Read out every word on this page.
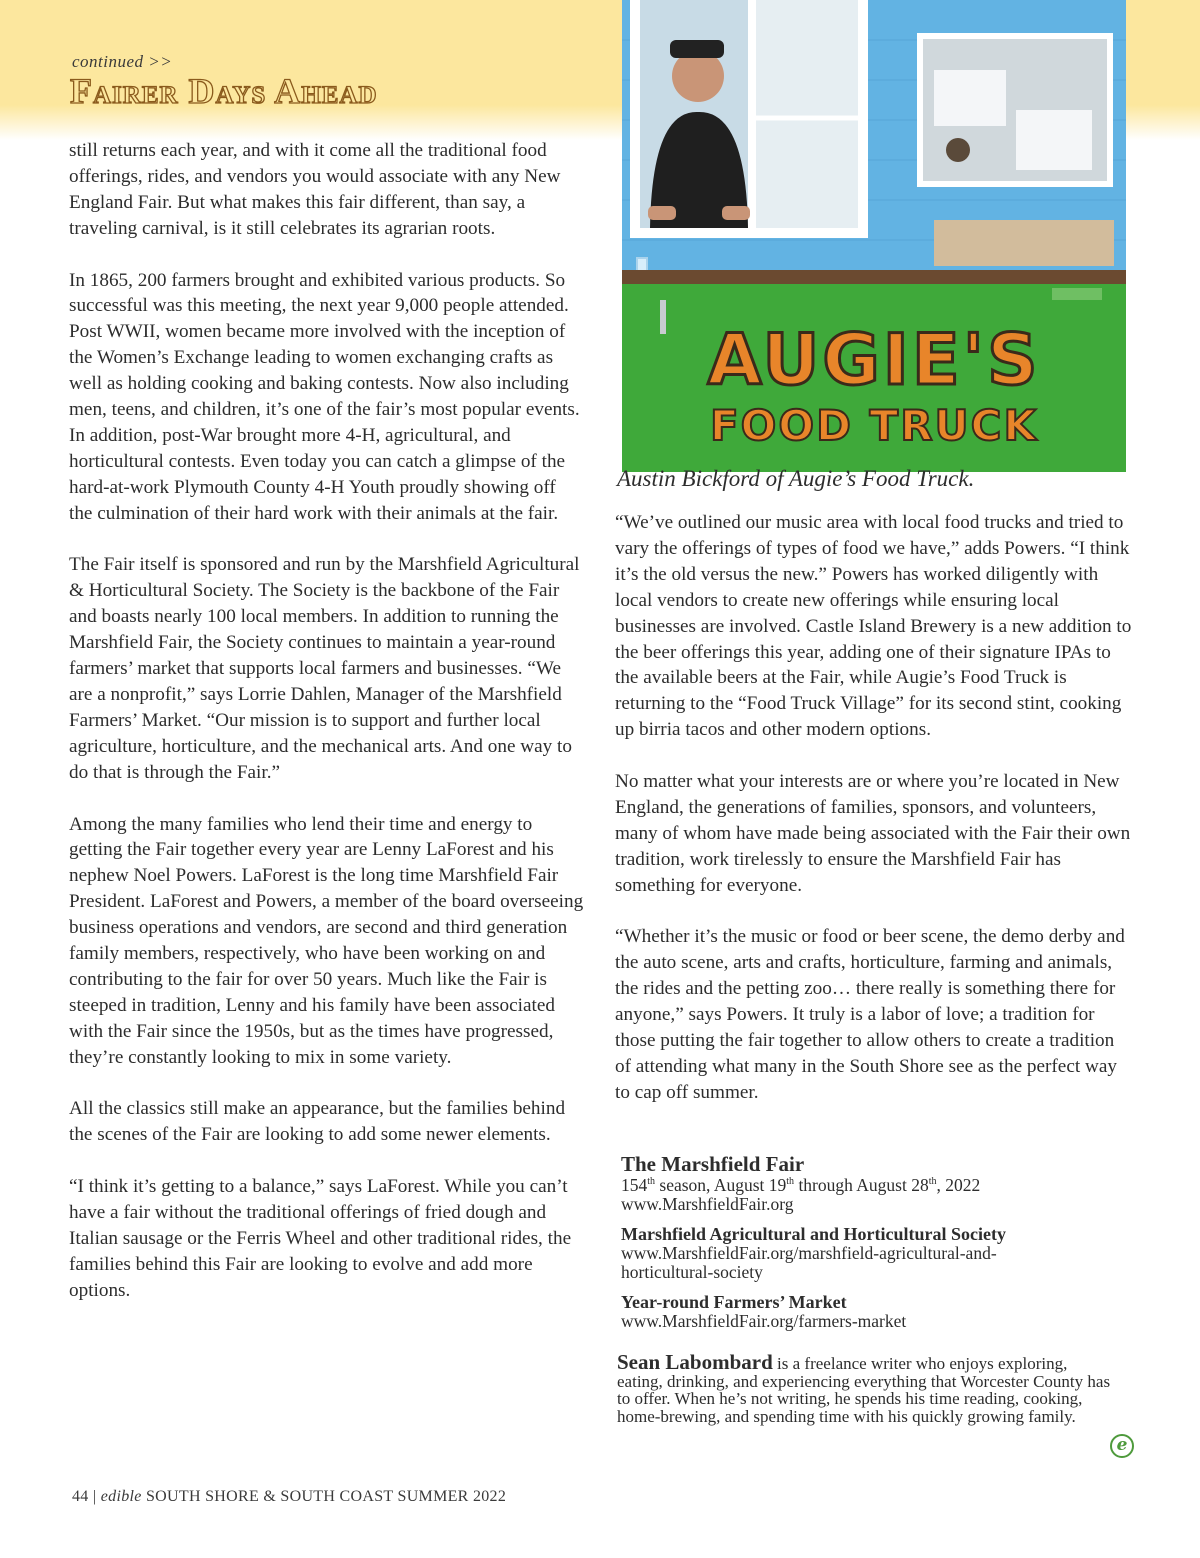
continued >>
Fairer Days Ahead

still returns each year, and with it come all the traditional food offerings, rides, and vendors you would associate with any New England Fair. But what makes this fair different, than say, a traveling carnival, is it still celebrates its agrarian roots.

In 1865, 200 farmers brought and exhibited various products. So successful was this meeting, the next year 9,000 people attended. Post WWII, women became more involved with the inception of the Women’s Exchange leading to women exchanging crafts as well as holding cooking and baking contests. Now also including men, teens, and children, it’s one of the fair’s most popular events. In addition, post-War brought more 4-H, agricultural, and horticultural contests. Even today you can catch a glimpse of the hard-at-work Plymouth County 4-H Youth proudly showing off the culmination of their hard work with their animals at the fair.

The Fair itself is sponsored and run by the Marshfield Agricultural & Horticultural Society. The Society is the backbone of the Fair and boasts nearly 100 local members. In addition to running the Marshfield Fair, the Society continues to maintain a year-round farmers’ market that supports local farmers and businesses. “We are a nonprofit,” says Lorrie Dahlen, Manager of the Marshfield Farmers’ Market. “Our mission is to support and further local agriculture, horticulture, and the mechanical arts. And one way to do that is through the Fair.”

Among the many families who lend their time and energy to getting the Fair together every year are Lenny LaForest and his nephew Noel Powers. LaForest is the long time Marshfield Fair President. LaForest and Powers, a member of the board overseeing business operations and vendors, are second and third generation family members, respectively, who have been working on and contributing to the fair for over 50 years. Much like the Fair is steeped in tradition, Lenny and his family have been associated with the Fair since the 1950s, but as the times have progressed, they’re constantly looking to mix in some variety.

All the classics still make an appearance, but the families behind the scenes of the Fair are looking to add some newer elements.

“I think it’s getting to a balance,” says LaForest. While you can’t have a fair without the traditional offerings of fried dough and Italian sausage or the Ferris Wheel and other traditional rides, the families behind this Fair are looking to evolve and add more options.

AUGIE'S
FOOD TRUCK
Austin Bickford of Augie’s Food Truck.

“We’ve outlined our music area with local food trucks and tried to vary the offerings of types of food we have,” adds Powers. “I think it’s the old versus the new.” Powers has worked diligently with local vendors to create new offerings while ensuring local businesses are involved. Castle Island Brewery is a new addition to the beer offerings this year, adding one of their signature IPAs to the available beers at the Fair, while Augie’s Food Truck is returning to the “Food Truck Village” for its second stint, cooking up birria tacos and other modern options.

No matter what your interests are or where you’re located in New England, the generations of families, sponsors, and volunteers, many of whom have made being associated with the Fair their own tradition, work tirelessly to ensure the Marshfield Fair has something for everyone.

“Whether it’s the music or food or beer scene, the demo derby and the auto scene, arts and crafts, horticulture, farming and animals, the rides and the petting zoo… there really is something there for anyone,” says Powers. It truly is a labor of love; a tradition for those putting the fair together to allow others to create a tradition of attending what many in the South Shore see as the perfect way to cap off summer.

The Marshfield Fair
154th season, August 19th through August 28th, 2022
www.MarshfieldFair.org
Marshfield Agricultural and Horticultural Society
www.MarshfieldFair.org/marshfield-agricultural-and-
horticultural-society
Year-round Farmers’ Market
www.MarshfieldFair.org/farmers-market
Sean Labombard is a freelance writer who enjoys exploring, eating, drinking, and experiencing everything that Worcester County has to offer. When he’s not writing, he spends his time reading, cooking, home-brewing, and spending time with his quickly growing family.
e
44 | edible SOUTH SHORE & SOUTH COAST SUMMER 2022
